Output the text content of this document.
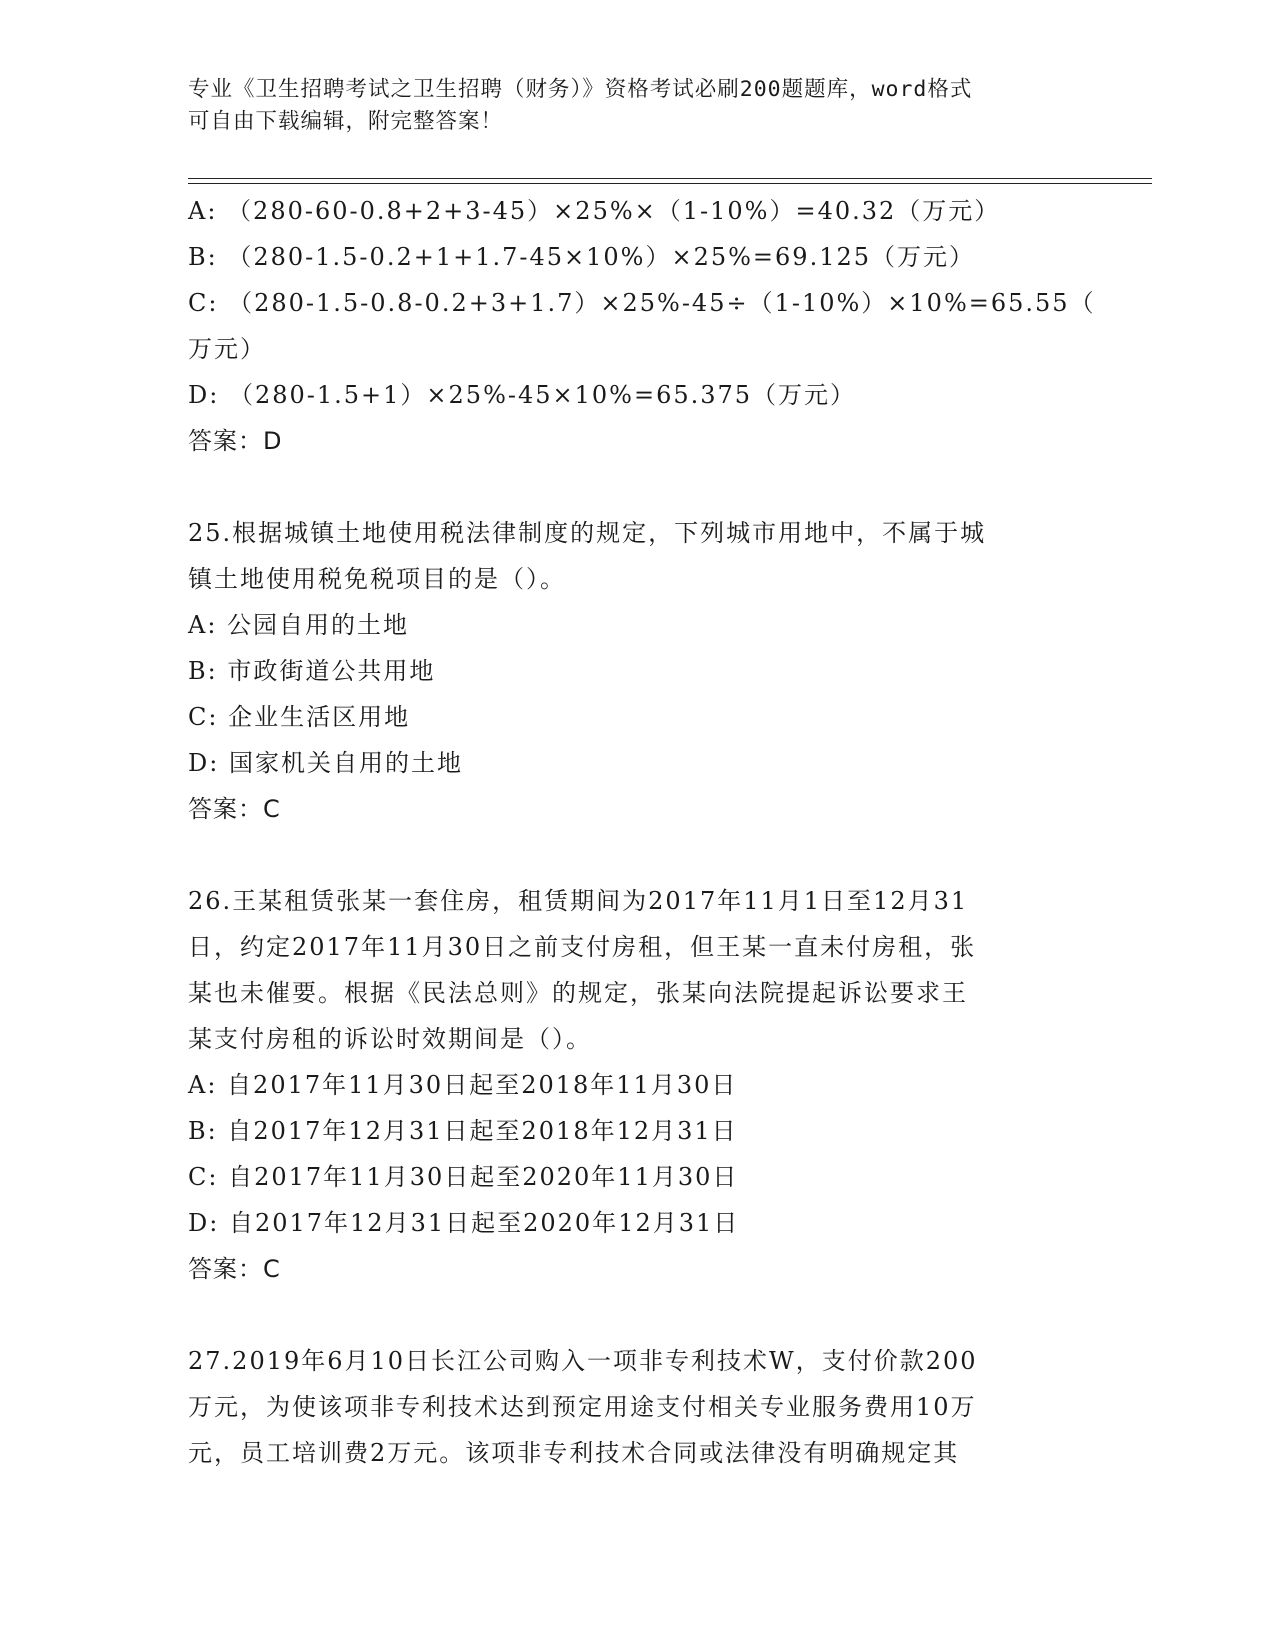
专业《卫生招聘考试之卫生招聘（财务）》资格考试必刷200题题库，word格式
可自由下载编辑，附完整答案！
A: （280-60-0.8+2+3-45）×25%×（1-10%）=40.32（万元）
B: （280-1.5-0.2+1+1.7-45×10%）×25%=69.125（万元）
C: （280-1.5-0.8-0.2+3+1.7）×25%-45÷（1-10%）×10%=65.55（
万元）
D: （280-1.5+1）×25%-45×10%=65.375（万元）
答案：D
25.根据城镇土地使用税法律制度的规定，下列城市用地中，不属于城
镇土地使用税免税项目的是（）。
A: 公园自用的土地
B: 市政街道公共用地
C: 企业生活区用地
D: 国家机关自用的土地
答案：C
26.王某租赁张某一套住房，租赁期间为2017年11月1日至12月31
日，约定2017年11月30日之前支付房租，但王某一直未付房租，张
某也未催要。根据《民法总则》的规定，张某向法院提起诉讼要求王
某支付房租的诉讼时效期间是（）。
A: 自2017年11月30日起至2018年11月30日
B: 自2017年12月31日起至2018年12月31日
C: 自2017年11月30日起至2020年11月30日
D: 自2017年12月31日起至2020年12月31日
答案：C
27.2019年6月10日长江公司购入一项非专利技术W，支付价款200
万元，为使该项非专利技术达到预定用途支付相关专业服务费用10万
元，员工培训费2万元。该项非专利技术合同或法律没有明确规定其
